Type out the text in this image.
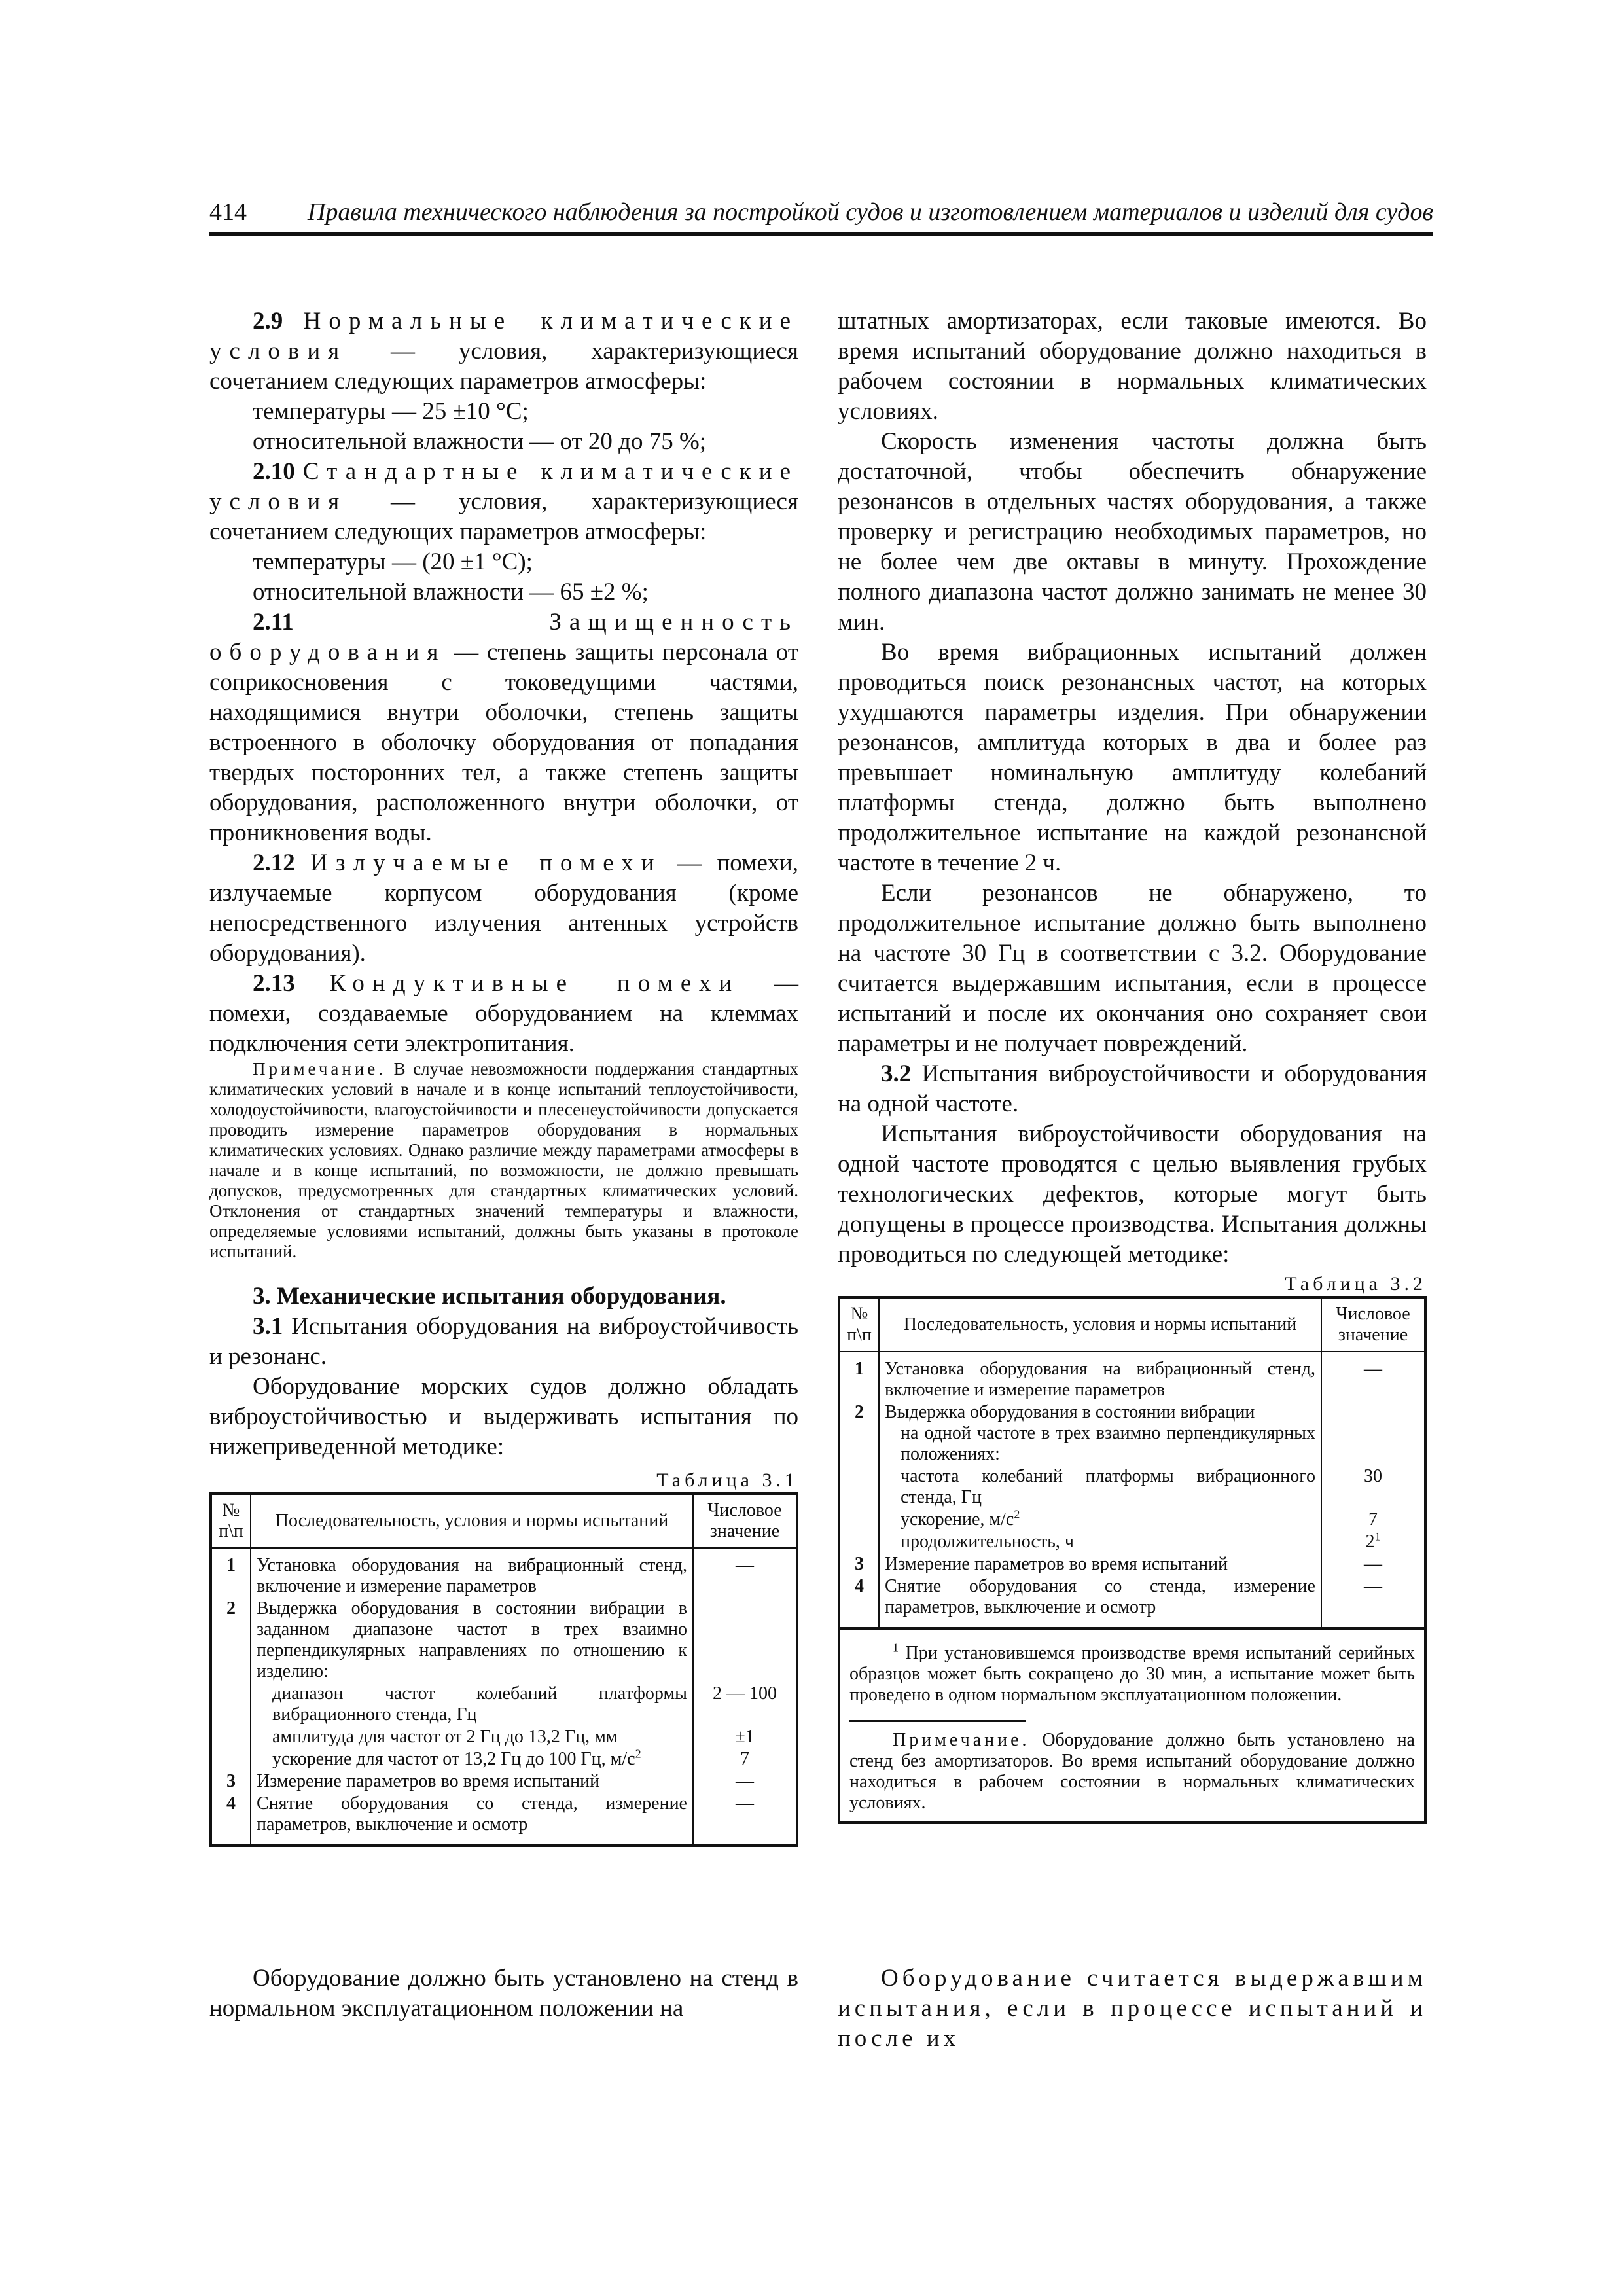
414 Правила технического наблюдения за постройкой судов и изготовлением материалов и изделий для судов

2.9 Нормальные климатические условия — условия, характеризующиеся сочетанием следующих параметров атмосферы:

температуры — 25 ±10 °С;

относительной влажности — от 20 до 75 %;

2.10 Стандартные климатические условия — условия, характеризующиеся сочетанием следующих параметров атмосферы:

температуры — (20 ±1 °С);

относительной влажности — 65 ±2 %;

2.11	Защищенность оборудования — степень защиты персонала от соприкосновения с токоведущими частями, находящимися внутри оболочки, степень защиты встроенного в оболочку оборудования от попадания твердых посторонних тел, а также степень защиты оборудования, расположенного внутри оболочки, от проникновения воды.

2.12 Излучаемые помехи — помехи, излучаемые корпусом оборудования (кроме непосредственного излучения антенных устройств оборудования).

2.13 Кондуктивные помехи — помехи, создаваемые оборудованием на клеммах подключения сети электропитания.

Примечание. В случае невозможности поддержания стандартных климатических условий в начале и в конце испытаний теплоустойчивости, холодоустойчивости, влагоустойчивости и плесенеустойчивости допускается проводить измерение параметров оборудования в нормальных климатических условиях. Однако различие между параметрами атмосферы в начале и в конце испытаний, по возможности, не должно превышать допусков, предусмотренных для стандартных климатических условий. Отклонения от стандартных значений температуры и влажности, определяемые условиями испытаний, должны быть указаны в протоколе испытаний.

3. Механические испытания оборудования.

3.1 Испытания оборудования на виброустойчивость и резонанс.

Оборудование морских судов должно обладать виброустойчивостью и выдерживать испытания по нижеприведенной методике:

Таблица 3.1
№ п\п	Последовательность, условия и нормы испытаний	Числовое значение
1	Установка оборудования на вибрационный стенд, включение и измерение параметров	—
2	Выдержка оборудования в состоянии вибрации в заданном диапазоне частот в трех взаимно перпендикулярных направлениях по отношению к изделию:	

	диапазон частот колебаний платформы вибрационного стенда, Гц	2 — 100

	амплитуда для частот от 2 Гц до 13,2 Гц, мм	±1

	ускорение для частот от 13,2 Гц до 100 Гц, $м/с^2$	7
3	Измерение параметров во время испытаний	—
4	Снятие оборудования со стенда, измерение параметров, выключение и осмотр	—

штатных амортизаторах, если таковые имеются. Во время испытаний оборудование должно находиться в рабочем состоянии в нормальных климатических условиях.

Скорость изменения частоты должна быть достаточной, чтобы обеспечить обнаружение резонансов в отдельных частях оборудования, а также проверку и регистрацию необходимых параметров, но не более чем две октавы в минуту. Прохождение полного диапазона частот должно занимать не менее 30 мин.

Во время вибрационных испытаний должен проводиться поиск резонансных частот, на которых ухудшаются параметры изделия. При обнаружении резонансов, амплитуда которых в два и более раз превышает номинальную амплитуду колебаний платформы стенда, должно быть выполнено продолжительное испытание на каждой резонансной частоте в течение 2 ч.

Если резонансов не обнаружено, то продолжительное испытание должно быть выполнено на частоте 30 Гц в соответствии с 3.2. Оборудование считается выдержавшим испытания, если в процессе испытаний и после их окончания оно сохраняет свои параметры и не получает повреждений.

3.2 Испытания виброустойчивости и оборудования на одной частоте.

Испытания виброустойчивости оборудования на одной частоте проводятся с целью выявления грубых технологических дефектов, которые могут быть допущены в процессе производства. Испытания должны проводиться по следующей методике:

Таблица 3.2
№ п\п	Последовательность, условия и нормы испытаний	Числовое значение
1	Установка оборудования на вибрационный стенд, включение и измерение параметров	—
2	Выдержка оборудования в состоянии вибрации
на одной частоте в трех взаимно перпендикулярных положениях:	

	частота колебаний платформы вибрационного стенда, Гц	30

	ускорение, $м/с^2$	7

	продолжительность, ч	$2^1$
3	Измерение параметров во время испытаний	—
4	Снятие оборудования со стенда, измерение параметров, выключение и осмотр	—

$^1$ При установившемся производстве время испытаний серийных образцов может быть сокращено до 30 мин, а испытание может быть проведено в одном нормальном эксплуатационном положении.

Примечание. Оборудование должно быть установлено на стенд без амортизаторов. Во время испытаний оборудование должно находиться в рабочем состоянии в нормальных климатических условиях.

Оборудование должно быть установлено на стенд в нормальном эксплуатационном положении на

Оборудование считается выдержавшим испытания, если в процессе испытаний и после их
